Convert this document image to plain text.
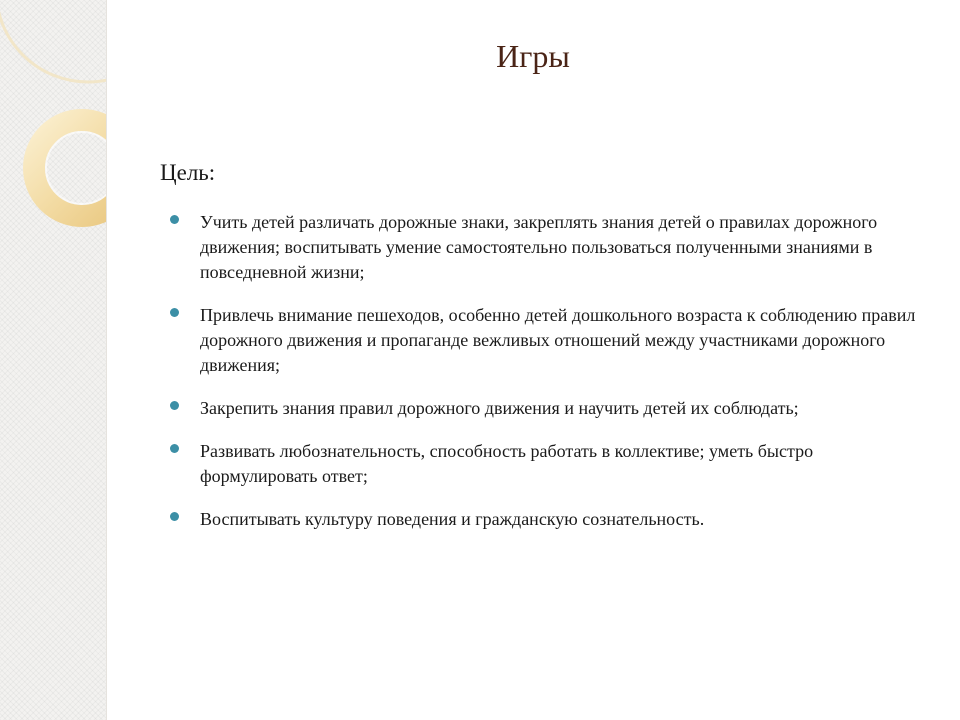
Игры
Цель:
Учить детей различать дорожные знаки, закреплять знания детей о правилах дорожного движения; воспитывать умение самостоятельно пользоваться полученными знаниями в повседневной жизни;
Привлечь внимание пешеходов, особенно детей дошкольного возраста к соблюдению правил дорожного движения и пропаганде вежливых отношений между участниками дорожного движения;
Закрепить знания правил дорожного движения и научить детей их соблюдать;
Развивать любознательность, способность работать в коллективе; уметь быстро формулировать ответ;
Воспитывать культуру поведения и гражданскую сознательность.
